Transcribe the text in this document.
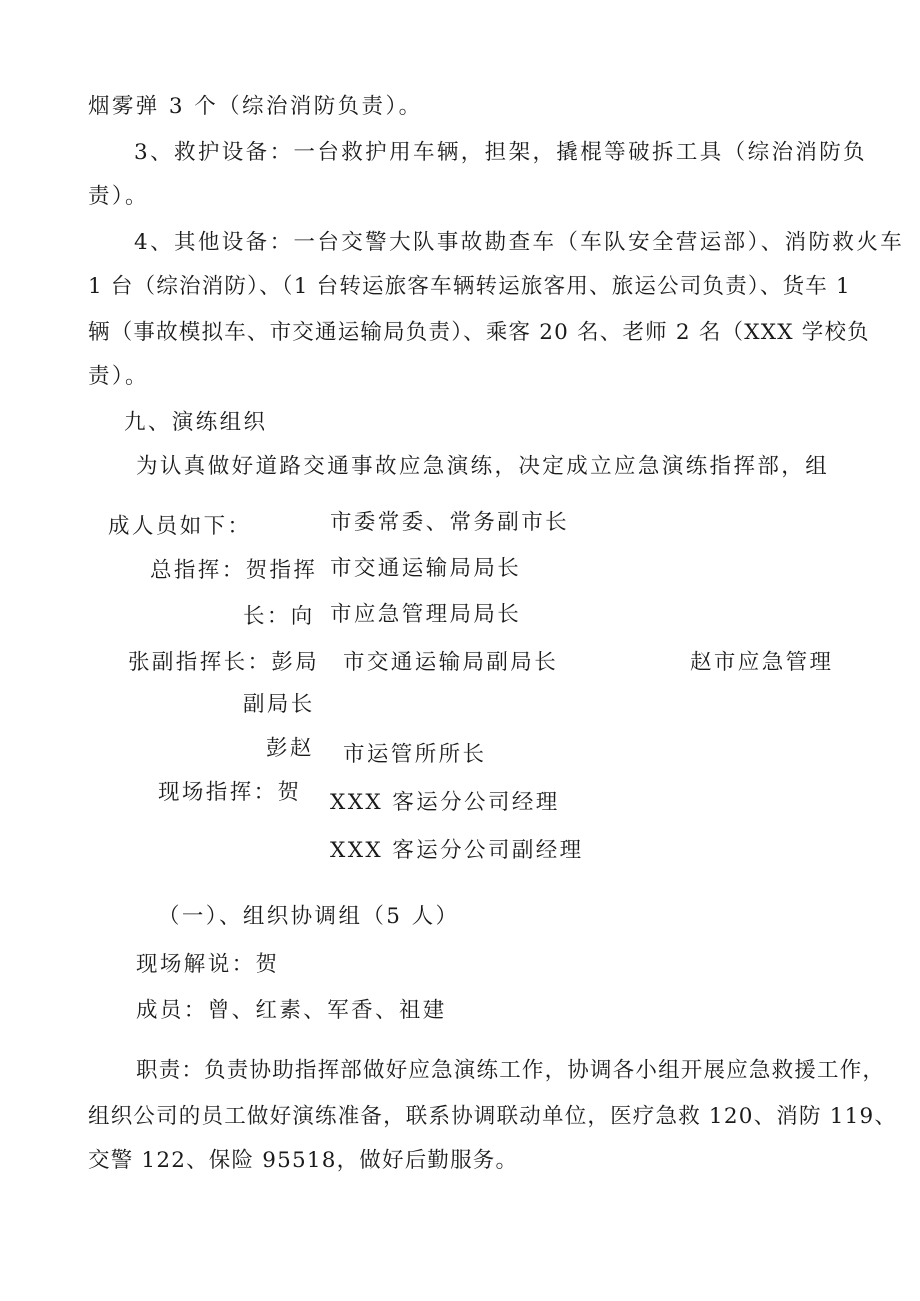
烟雾弹 3 个（综治消防负责）。
3、救护设备：一台救护用车辆，担架，撬棍等破拆工具（综治消防负
责）。
4、其他设备：一台交警大队事故勘查车（车队安全营运部）、消防救火车
1 台（综治消防）、（1 台转运旅客车辆转运旅客用、旅运公司负责）、货车 1
辆（事故模拟车、市交通运输局负责）、乘客 20 名、老师 2 名（XXX 学校负
责）。
九、演练组织
为认真做好道路交通事故应急演练，决定成立应急演练指挥部，组
成人员如下：
总指挥：贺指挥
长：向
张副指挥长：彭局
副局长
彭赵
现场指挥：贺
市委常委、常务副市长
市交通运输局局长
市应急管理局局长
市交通运输局副局长	赵市应急管理
市运管所所长
XXX 客运分公司经理
XXX 客运分公司副经理
（一）、组织协调组（5 人）
现场解说：贺
成员：曾、红素、军香、祖建
职责：负责协助指挥部做好应急演练工作，协调各小组开展应急救援工作，
组织公司的员工做好演练准备，联系协调联动单位，医疗急救 120、消防 119、
交警 122、保险 95518，做好后勤服务。
